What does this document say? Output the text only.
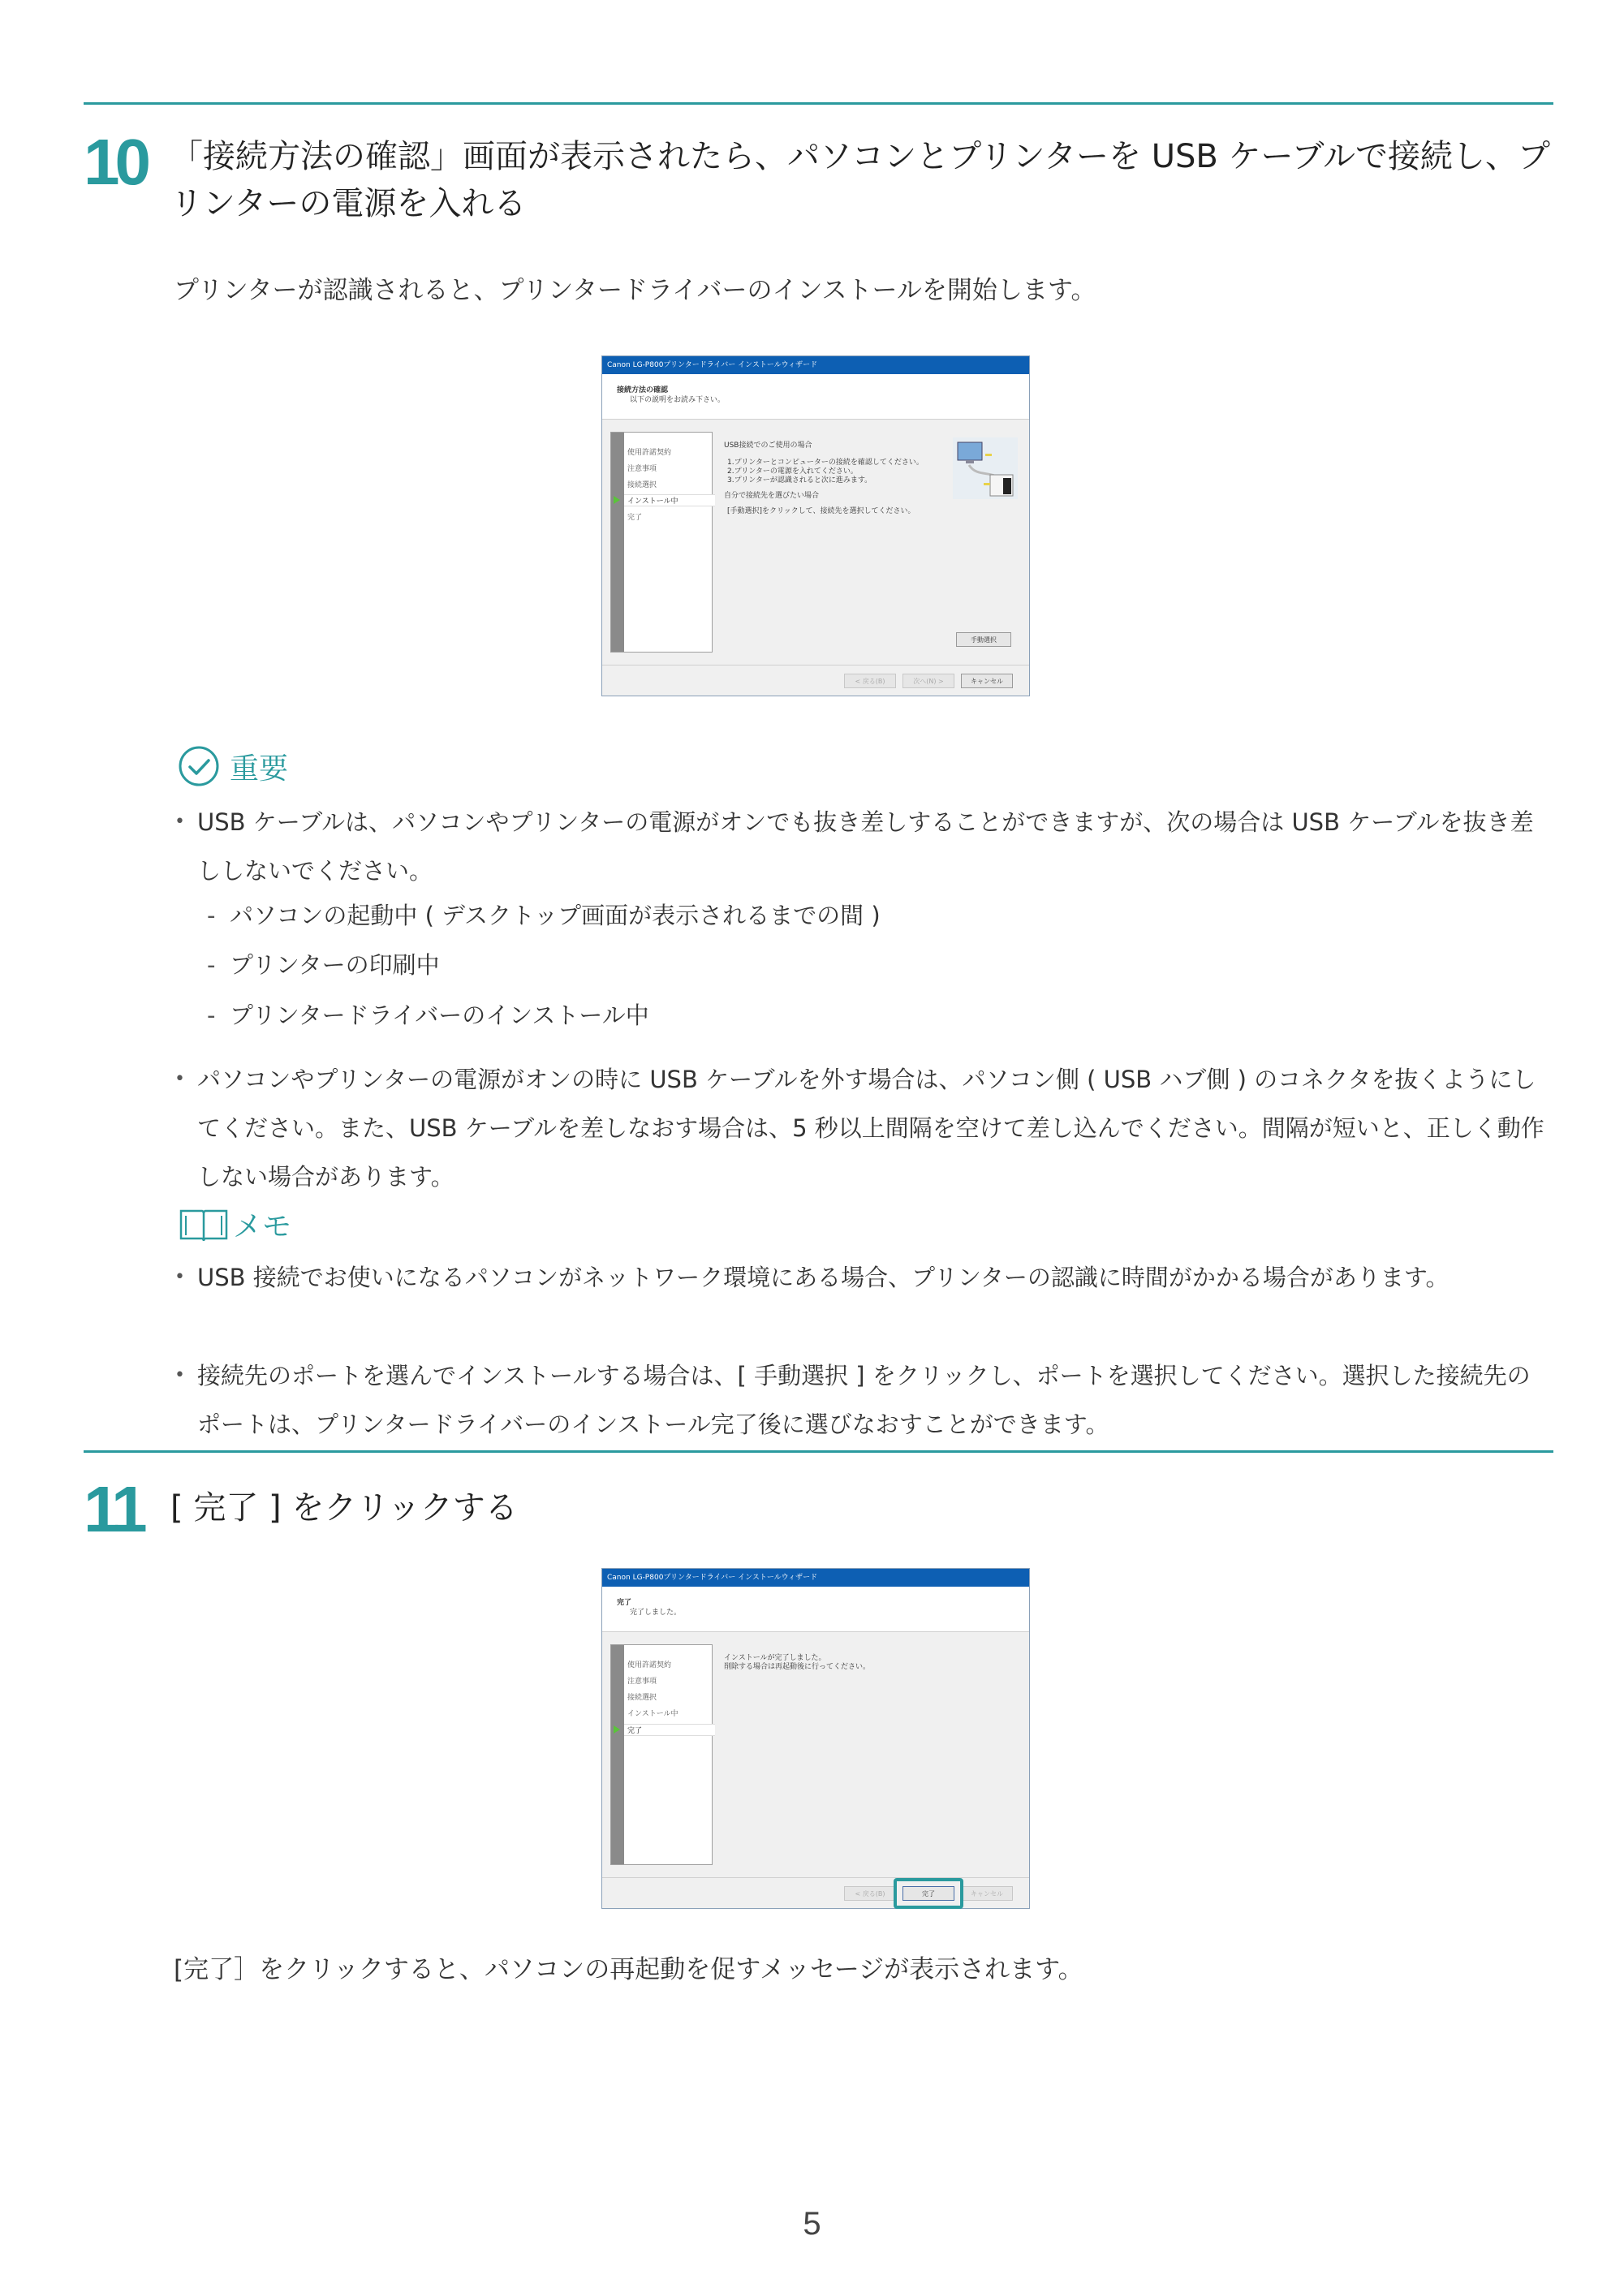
10 「接続方法の確認」画面が表示されたら、パソコンとプリンターを USB ケーブルで接続し、プリンターの電源を入れる
プリンターが認識されると、プリンタードライバーのインストールを開始します。
Canon LG-P800プリンタードライバー インストールウィザード
接続方法の確認
以下の説明をお読み下さい。
使用許諾契約
注意事項
接続選択
インストール中
完了
USB接続でのご使用の場合
1.プリンターとコンピューターの接続を確認してください。
2.プリンターの電源を入れてください。
3.プリンターが認識されると次に進みます。
自分で接続先を選びたい場合
[手動選択]をクリックして、接続先を選択してください。
手動選択
< 戻る(B)	次へ(N) >	キャンセル
重要
• USB ケーブルは、パソコンやプリンターの電源がオンでも抜き差しすることができますが、次の場合は USB ケーブルを抜き差ししないでください。
- パソコンの起動中 ( デスクトップ画面が表示されるまでの間 )
- プリンターの印刷中
- プリンタードライバーのインストール中
• パソコンやプリンターの電源がオンの時に USB ケーブルを外す場合は、パソコン側 ( USB ハブ側 ) のコネクタを抜くようにしてください。また、USB ケーブルを差しなおす場合は、5 秒以上間隔を空けて差し込んでください。間隔が短いと、正しく動作しない場合があります。
メモ
• USB 接続でお使いになるパソコンがネットワーク環境にある場合、プリンターの認識に時間がかかる場合があります。
• 接続先のポートを選んでインストールする場合は、[ 手動選択 ] をクリックし、ポートを選択してください。選択した接続先のポートは、プリンタードライバーのインストール完了後に選びなおすことができます。
11 [ 完了 ] をクリックする
Canon LG-P800プリンタードライバー インストールウィザード
完了
完了しました。
使用許諾契約
注意事項
接続選択
インストール中
完了
インストールが完了しました。
削除する場合は再起動後に行ってください。
< 戻る(B)	完了	キャンセル
[完了］をクリックすると、パソコンの再起動を促すメッセージが表示されます。
5
